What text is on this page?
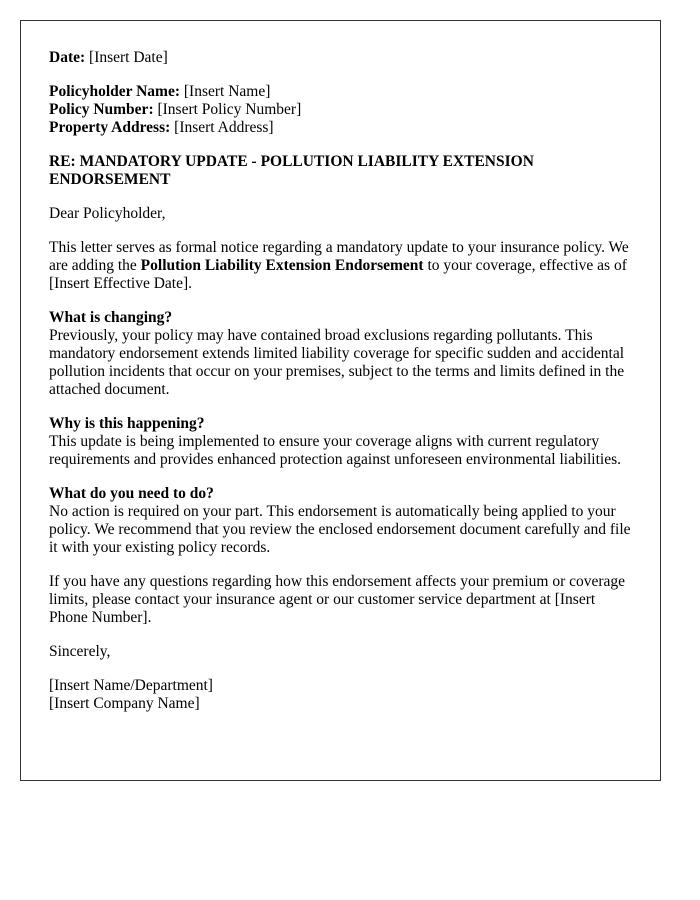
Date: [Insert Date]

Policyholder Name: [Insert Name]
Policy Number: [Insert Policy Number]
Property Address: [Insert Address]

RE: MANDATORY UPDATE - POLLUTION LIABILITY EXTENSION ENDORSEMENT

Dear Policyholder,

This letter serves as formal notice regarding a mandatory update to your insurance policy. We are adding the Pollution Liability Extension Endorsement to your coverage, effective as of [Insert Effective Date].

What is changing?
Previously, your policy may have contained broad exclusions regarding pollutants. This mandatory endorsement extends limited liability coverage for specific sudden and accidental pollution incidents that occur on your premises, subject to the terms and limits defined in the attached document.

Why is this happening?
This update is being implemented to ensure your coverage aligns with current regulatory requirements and provides enhanced protection against unforeseen environmental liabilities.

What do you need to do?
No action is required on your part. This endorsement is automatically being applied to your policy. We recommend that you review the enclosed endorsement document carefully and file it with your existing policy records.

If you have any questions regarding how this endorsement affects your premium or coverage limits, please contact your insurance agent or our customer service department at [Insert Phone Number].

Sincerely,

[Insert Name/Department]
[Insert Company Name]
